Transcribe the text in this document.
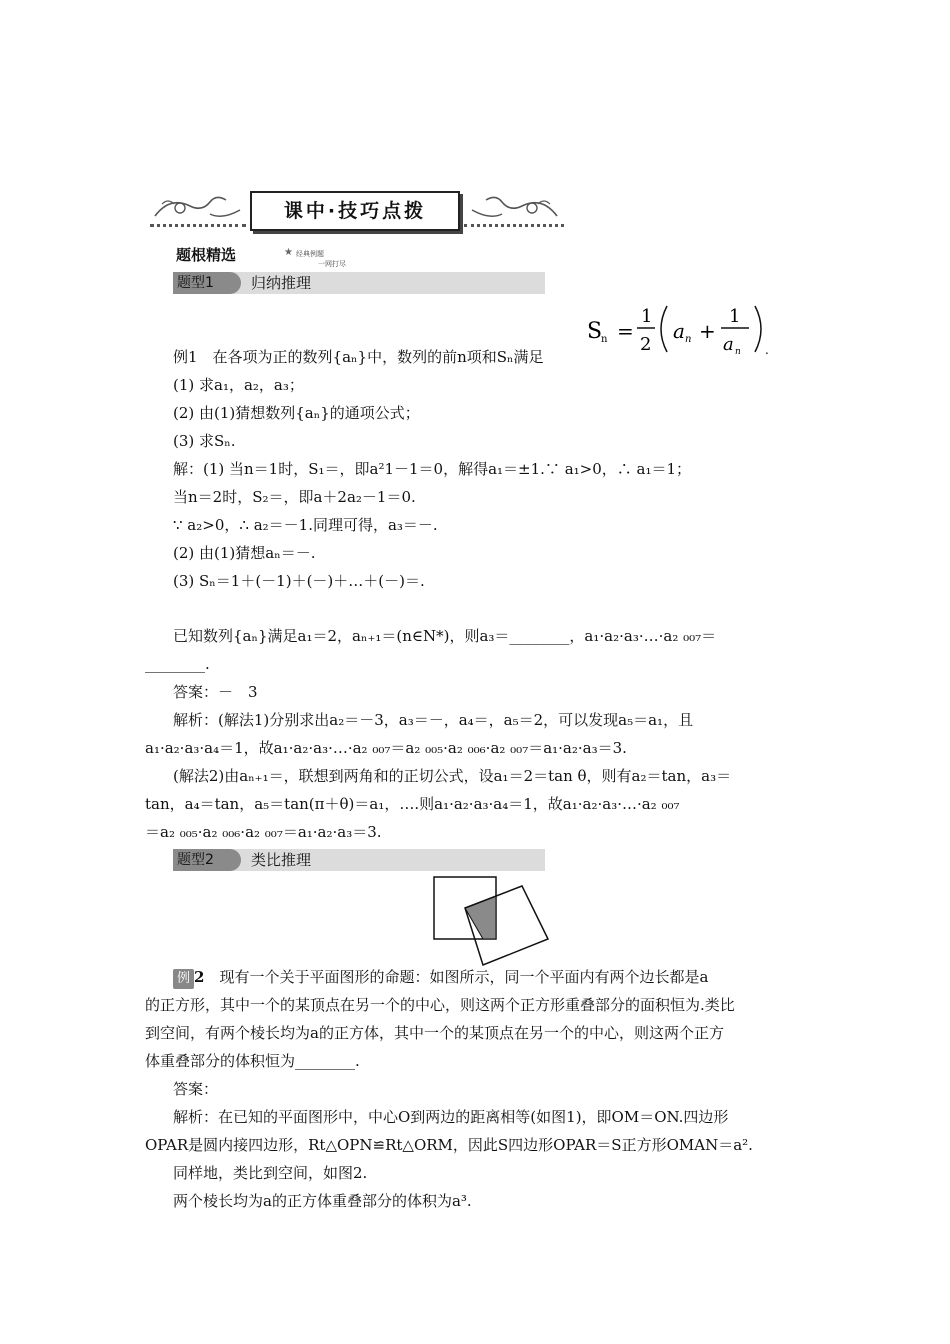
课中·技巧点拨
题根精选	★ 经典例题
一网打尽
题型1	归纳推理
S
n =
1
2
a n +
1
a n .
例1　在各项为正的数列{aₙ}中，数列的前n项和Sₙ满足
(1) 求a₁，a₂，a₃；
(2) 由(1)猜想数列{aₙ}的通项公式；
(3) 求Sₙ.
解：(1) 当n＝1时，S₁＝，即a²1－1＝0，解得a₁＝±1.∵ a₁>0，∴ a₁＝1；
当n＝2时，S₂＝，即a＋2a₂－1＝0.
∵ a₂>0，∴ a₂＝－1.同理可得，a₃＝－.
(2) 由(1)猜想aₙ＝－.
(3) Sₙ＝1＋(－1)＋(－)＋…＋(－)＝.
已知数列{aₙ}满足a₁＝2，aₙ₊₁＝(n∈N*)，则a₃＝________，a₁·a₂·a₃·…·a₂ ₀₀₇＝
________.
答案：－　3
解析：(解法1)分别求出a₂＝－3，a₃＝－，a₄＝，a₅＝2，可以发现a₅＝a₁，且
a₁·a₂·a₃·a₄＝1，故a₁·a₂·a₃·…·a₂ ₀₀₇＝a₂ ₀₀₅·a₂ ₀₀₆·a₂ ₀₀₇＝a₁·a₂·a₃＝3.
(解法2)由aₙ₊₁＝，联想到两角和的正切公式，设a₁＝2＝tan θ，则有a₂＝tan，a₃＝
tan，a₄＝tan，a₅＝tan(π＋θ)＝a₁，….则a₁·a₂·a₃·a₄＝1，故a₁·a₂·a₃·…·a₂ ₀₀₇
＝a₂ ₀₀₅·a₂ ₀₀₆·a₂ ₀₀₇＝a₁·a₂·a₃＝3.
题型2	类比推理
例 2　 现有一个关于平面图形的命题：如图所示，同一个平面内有两个边长都是a
的正方形，其中一个的某顶点在另一个的中心，则这两个正方形重叠部分的面积恒为.类比
到空间，有两个棱长均为a的正方体，其中一个的某顶点在另一个的中心，则这两个正方
体重叠部分的体积恒为________.
答案：
解析：在已知的平面图形中，中心O到两边的距离相等(如图1)，即OM＝ON.四边形
OPAR是圆内接四边形，Rt△OPN≌Rt△ORM，因此S四边形OPAR＝S正方形OMAN＝a².
同样地，类比到空间，如图2.
两个棱长均为a的正方体重叠部分的体积为a³.
